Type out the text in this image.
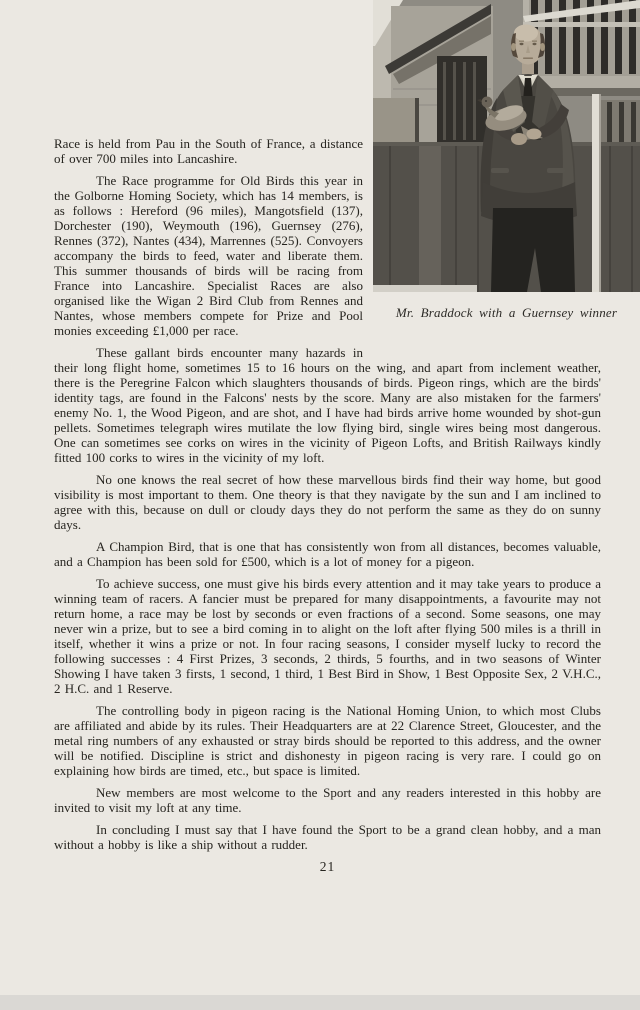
Mr. Braddock with a Guernsey winner

Race is held from Pau in the South of France, a distance of over 700 miles into Lancashire.

The Race programme for Old Birds this year in the Golborne Homing Society, which has 14 members, is as follows : Hereford (96 miles), Mangotsfield (137), Dorchester (190), Weymouth (196), Guernsey (276), Rennes (372), Nantes (434), Marrennes (525). Convoyers accompany the birds to feed, water and liberate them. This summer thousands of birds will be racing from France into Lancashire. Specialist Races are also organised like the Wigan 2 Bird Club from Rennes and Nantes, whose members compete for Prize and Pool monies exceeding £1,000 per race.

These gallant birds encounter many hazards in their long flight home, sometimes 15 to 16 hours on the wing, and apart from inclement weather, there is the Peregrine Falcon which slaughters thousands of birds. Pigeon rings, which are the birds' identity tags, are found in the Falcons' nests by the score. Many are also mistaken for the farmers' enemy No. 1, the Wood Pigeon, and are shot, and I have had birds arrive home wounded by shot-gun pellets. Sometimes telegraph wires mutilate the low flying bird, single wires being most dangerous. One can sometimes see corks on wires in the vicinity of Pigeon Lofts, and British Railways kindly fitted 100 corks to wires in the vicinity of my loft.

No one knows the real secret of how these marvellous birds find their way home, but good visibility is most important to them. One theory is that they navigate by the sun and I am inclined to agree with this, because on dull or cloudy days they do not perform the same as they do on sunny days.

A Champion Bird, that is one that has consistently won from all distances, becomes valuable, and a Champion has been sold for £500, which is a lot of money for a pigeon.

To achieve success, one must give his birds every attention and it may take years to produce a winning team of racers. A fancier must be prepared for many disappointments, a favourite may not return home, a race may be lost by seconds or even fractions of a second. Some seasons, one may never win a prize, but to see a bird coming in to alight on the loft after flying 500 miles is a thrill in itself, whether it wins a prize or not. In four racing seasons, I consider myself lucky to record the following successes : 4 First Prizes, 3 seconds, 2 thirds, 5 fourths, and in two seasons of Winter Showing I have taken 3 firsts, 1 second, 1 third, 1 Best Bird in Show, 1 Best Opposite Sex, 2 V.H.C., 2 H.C. and 1 Reserve.

The controlling body in pigeon racing is the National Homing Union, to which most Clubs are affiliated and abide by its rules. Their Headquarters are at 22 Clarence Street, Gloucester, and the metal ring numbers of any exhausted or stray birds should be reported to this address, and the owner will be notified. Discipline is strict and dishonesty in pigeon racing is very rare. I could go on explaining how birds are timed, etc., but space is limited.

New members are most welcome to the Sport and any readers interested in this hobby are invited to visit my loft at any time.

In concluding I must say that I have found the Sport to be a grand clean hobby, and a man without a hobby is like a ship without a rudder.

21
